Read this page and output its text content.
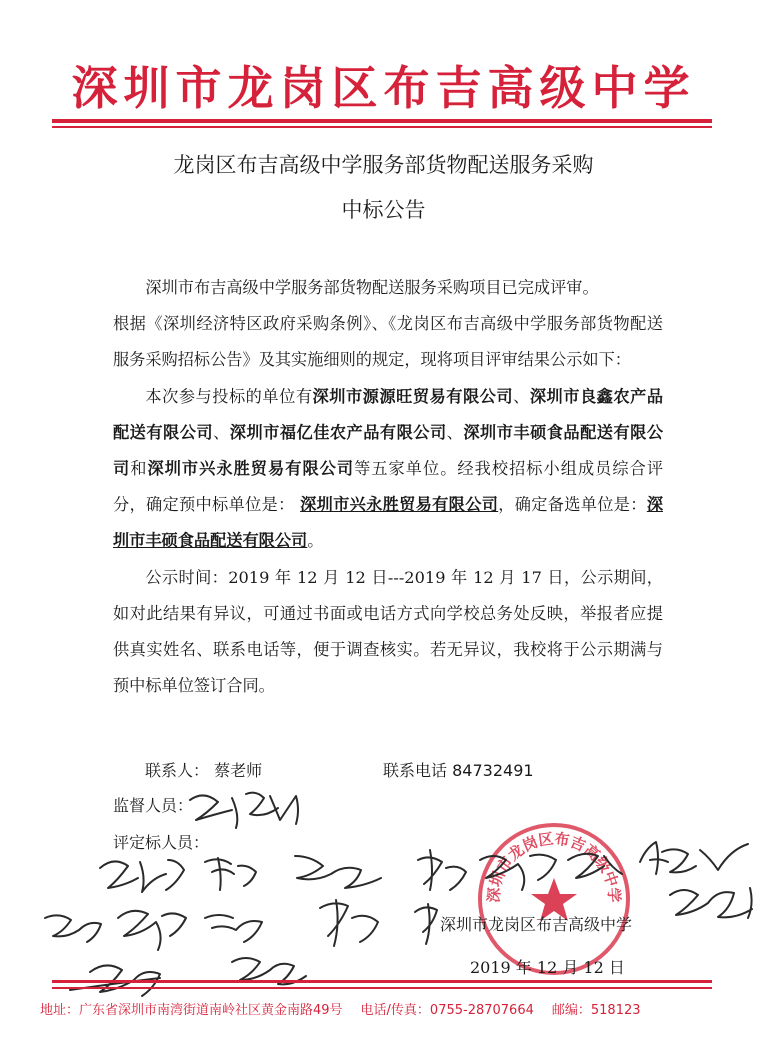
深圳市龙岗区布吉高级中学
龙岗区布吉高级中学服务部货物配送服务采购
中标公告

深圳市布吉高级中学服务部货物配送服务采购项目已完成评审。

根据《深圳经济特区政府采购条例》、《龙岗区布吉高级中学服务部货物配送服务采购招标公告》及其实施细则的规定，现将项目评审结果公示如下：

本次参与投标的单位有深圳市源源旺贸易有限公司、深圳市良鑫农产品配送有限公司、深圳市福亿佳农产品有限公司、深圳市丰硕食品配送有限公司和深圳市兴永胜贸易有限公司等五家单位。经我校招标小组成员综合评分，确定预中标单位是： 深圳市兴永胜贸易有限公司，确定备选单位是：深圳市丰硕食品配送有限公司。

公示时间：2019 年 12 月 12 日---2019 年 12 月 17 日，公示期间，如对此结果有异议，可通过书面或电话方式向学校总务处反映，举报者应提供真实姓名、联系电话等，便于调查核实。若无异议，我校将于公示期满与预中标单位签订合同。

联系人： 蔡老师	联系电话 84732491
监督人员：
评定标人员：
深圳市龙岗区布吉高级中学
深圳市龙岗区布吉高级中学
2019 年 12 月 12 日
地址：广东省深圳市南湾街道南岭社区黄金南路49号 电话/传真：0755-28707664 邮编：518123
